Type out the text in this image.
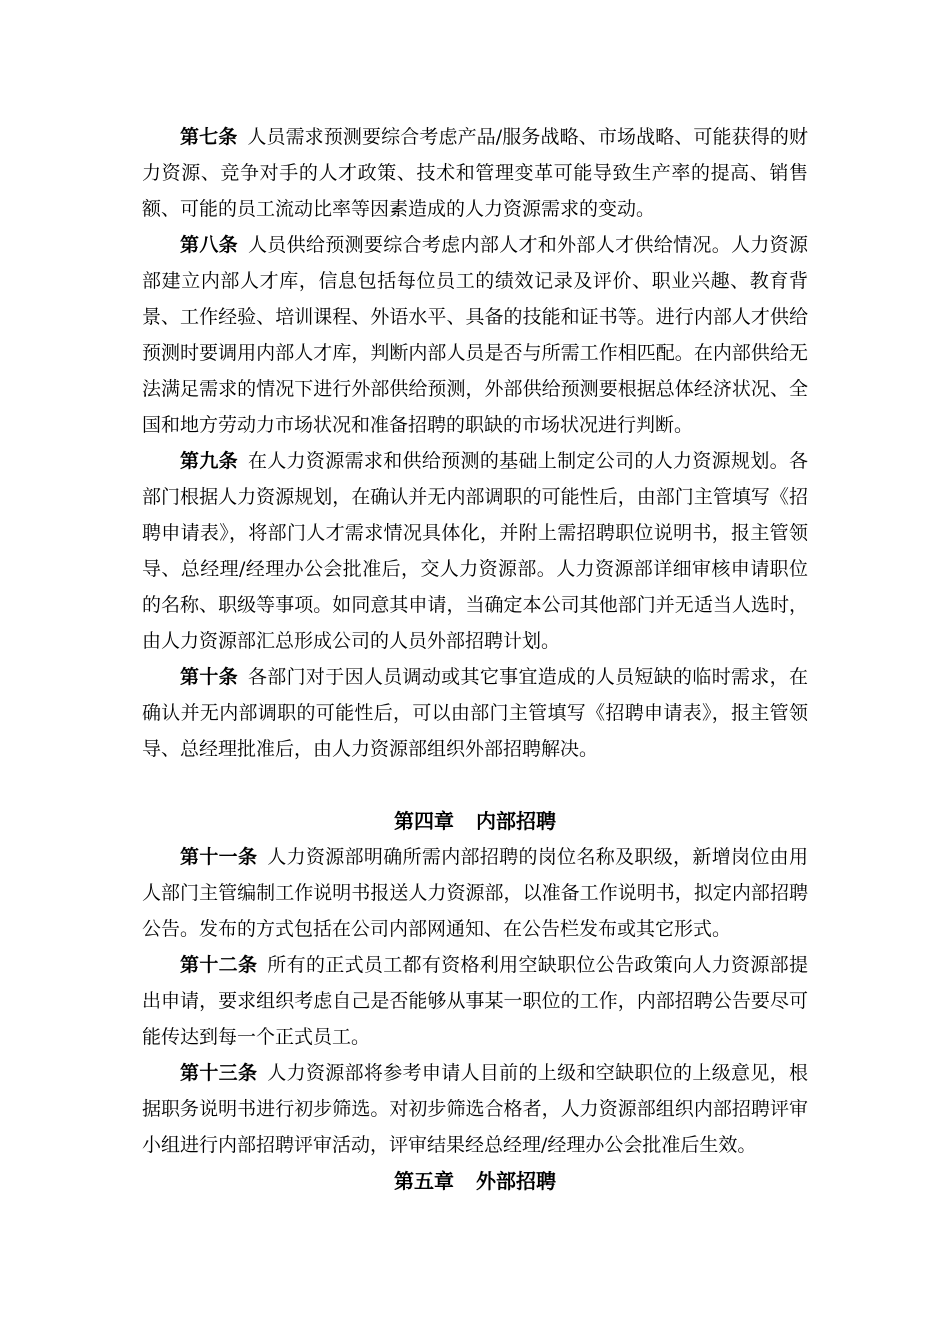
第七条 人员需求预测要综合考虑产品/服务战略、市场战略、可能获得的财力资源、竞争对手的人才政策、技术和管理变革可能导致生产率的提高、销售额、可能的员工流动比率等因素造成的人力资源需求的变动。

第八条 人员供给预测要综合考虑内部人才和外部人才供给情况。人力资源部建立内部人才库，信息包括每位员工的绩效记录及评价、职业兴趣、教育背景、工作经验、培训课程、外语水平、具备的技能和证书等。进行内部人才供给预测时要调用内部人才库，判断内部人员是否与所需工作相匹配。在内部供给无法满足需求的情况下进行外部供给预测，外部供给预测要根据总体经济状况、全国和地方劳动力市场状况和准备招聘的职缺的市场状况进行判断。

第九条 在人力资源需求和供给预测的基础上制定公司的人力资源规划。各部门根据人力资源规划，在确认并无内部调职的可能性后，由部门主管填写《招聘申请表》，将部门人才需求情况具体化，并附上需招聘职位说明书，报主管领导、总经理/经理办公会批准后，交人力资源部。人力资源部详细审核申请职位的名称、职级等事项。如同意其申请，当确定本公司其他部门并无适当人选时，由人力资源部汇总形成公司的人员外部招聘计划。

第十条 各部门对于因人员调动或其它事宜造成的人员短缺的临时需求，在确认并无内部调职的可能性后，可以由部门主管填写《招聘申请表》，报主管领导、总经理批准后，由人力资源部组织外部招聘解决。

第四章 内部招聘

第十一条 人力资源部明确所需内部招聘的岗位名称及职级，新增岗位由用人部门主管编制工作说明书报送人力资源部，以准备工作说明书，拟定内部招聘公告。发布的方式包括在公司内部网通知、在公告栏发布或其它形式。

第十二条 所有的正式员工都有资格利用空缺职位公告政策向人力资源部提出申请，要求组织考虑自己是否能够从事某一职位的工作，内部招聘公告要尽可能传达到每一个正式员工。

第十三条 人力资源部将参考申请人目前的上级和空缺职位的上级意见，根据职务说明书进行初步筛选。对初步筛选合格者，人力资源部组织内部招聘评审小组进行内部招聘评审活动，评审结果经总经理/经理办公会批准后生效。

第五章 外部招聘
